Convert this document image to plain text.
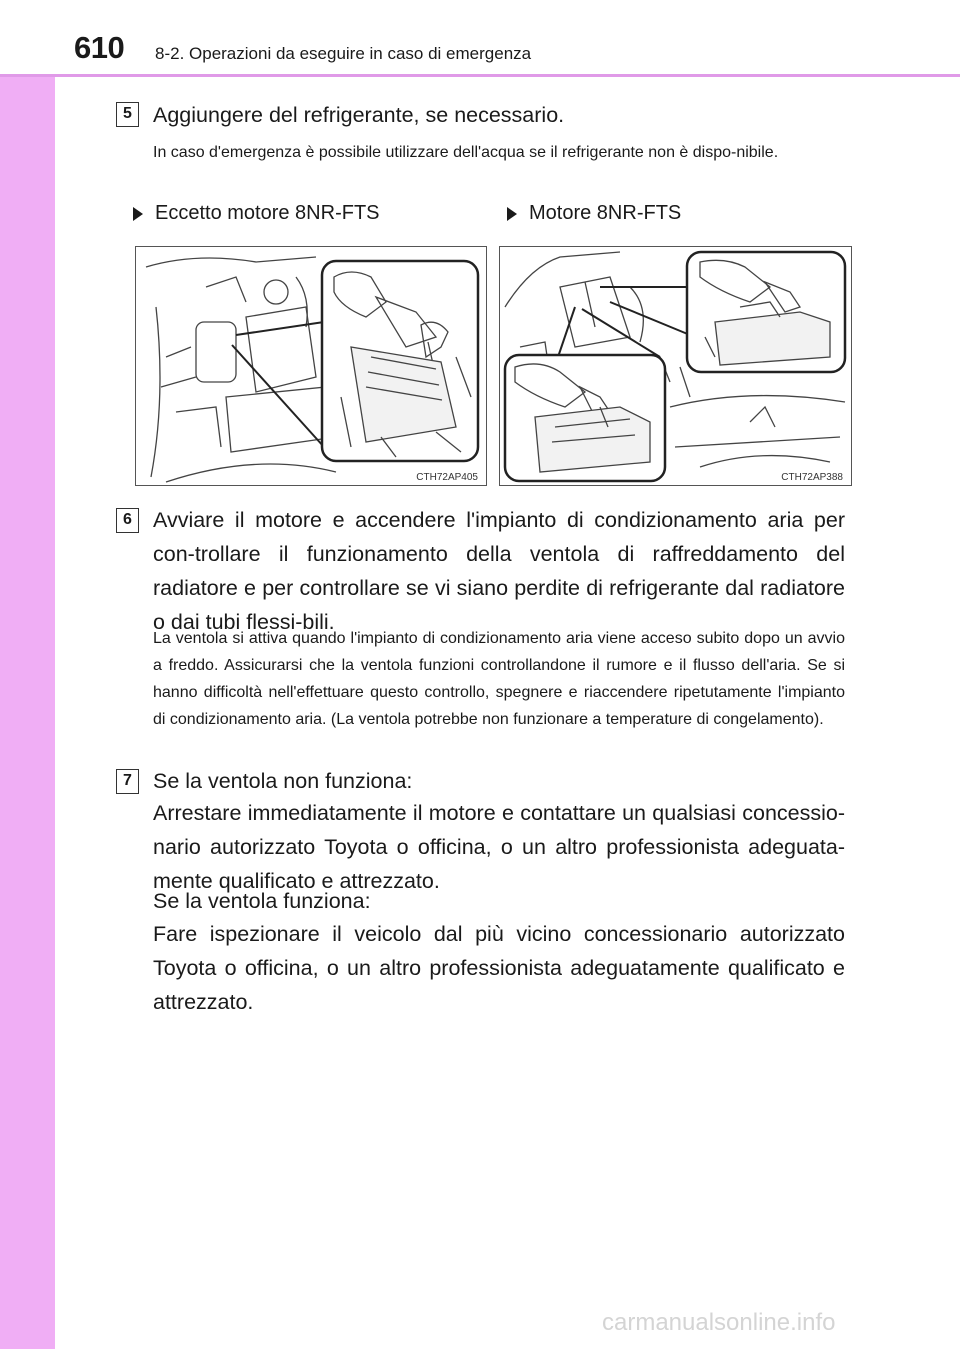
610 8-2. Operazioni da eseguire in caso di emergenza
5 Aggiungere del refrigerante, se necessario.
In caso d'emergenza è possibile utilizzare dell'acqua se il refrigerante non è dispo-nibile.
Eccetto motore 8NR-FTS	Motore 8NR-FTS
CTH72AP405	CTH72AP388
6 Avviare il motore e accendere l'impianto di condizionamento aria per con-trollare il funzionamento della ventola di raffreddamento del radiatore e per controllare se vi siano perdite di refrigerante dal radiatore o dai tubi flessi-bili.
La ventola si attiva quando l'impianto di condizionamento aria viene acceso subito dopo un avvio a freddo. Assicurarsi che la ventola funzioni controllandone il rumore e il flusso dell'aria. Se si hanno difficoltà nell'effettuare questo controllo, spegnere e riaccendere ripetutamente l'impianto di condizionamento aria. (La ventola potrebbe non funzionare a temperature di congelamento).
7 Se la ventola non funziona:
Arrestare immediatamente il motore e contattare un qualsiasi concessio-nario autorizzato Toyota o officina, o un altro professionista adeguata-mente qualificato e attrezzato.
Se la ventola funziona:
Fare ispezionare il veicolo dal più vicino concessionario autorizzato Toyota o officina, o un altro professionista adeguatamente qualificato e attrezzato.
carmanualsonline.info
